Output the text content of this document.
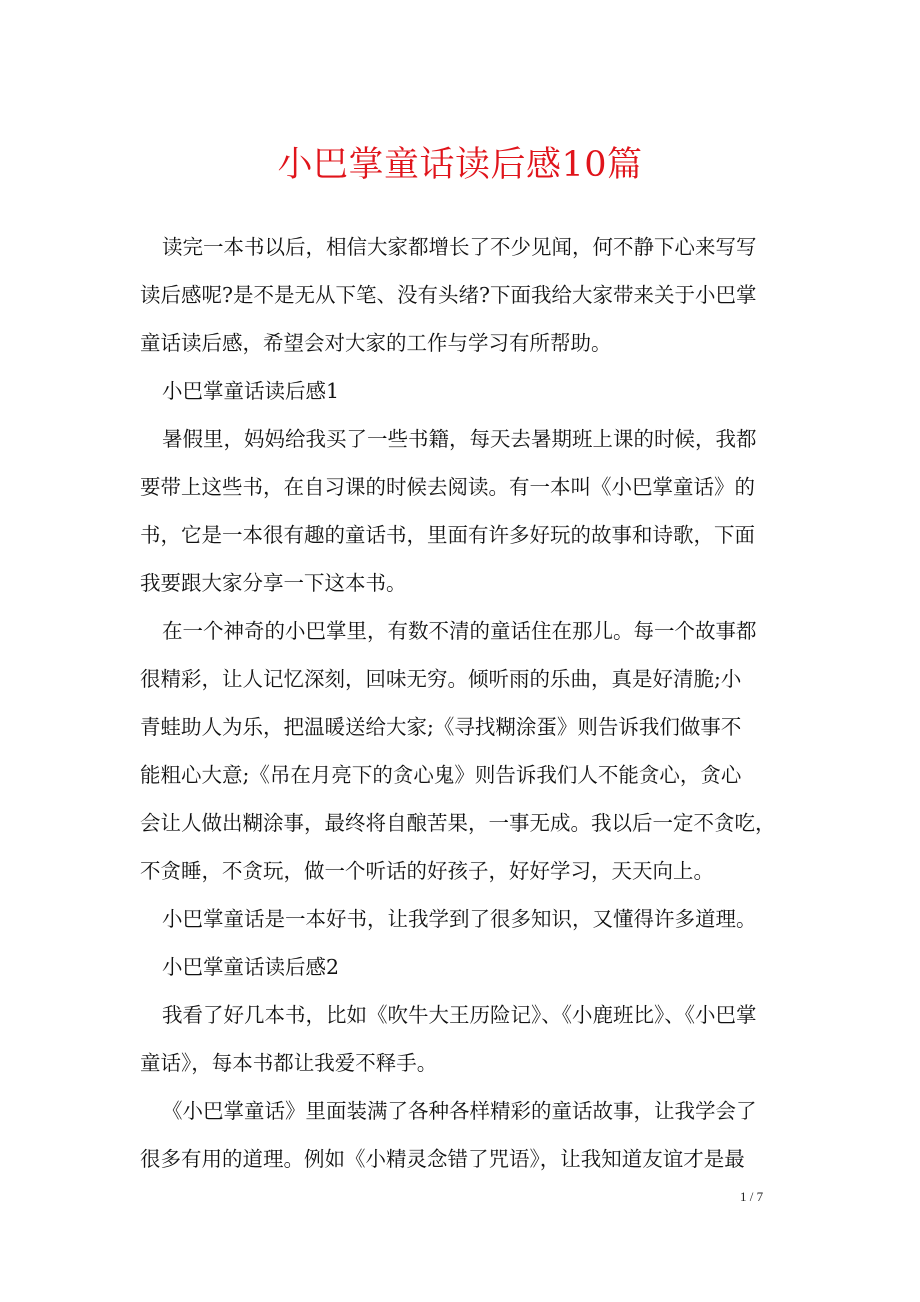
小巴掌童话读后感10篇
读完一本书以后，相信大家都增长了不少见闻，何不静下心来写写
读后感呢?是不是无从下笔、没有头绪?下面我给大家带来关于小巴掌
童话读后感，希望会对大家的工作与学习有所帮助。
小巴掌童话读后感1
暑假里，妈妈给我买了一些书籍，每天去暑期班上课的时候，我都
要带上这些书，在自习课的时候去阅读。有一本叫《小巴掌童话》的
书，它是一本很有趣的童话书，里面有许多好玩的故事和诗歌，下面
我要跟大家分享一下这本书。
在一个神奇的小巴掌里，有数不清的童话住在那儿。每一个故事都
很精彩，让人记忆深刻，回味无穷。倾听雨的乐曲，真是好清脆;小
青蛙助人为乐，把温暖送给大家;《寻找糊涂蛋》则告诉我们做事不
能粗心大意;《吊在月亮下的贪心鬼》则告诉我们人不能贪心，贪心
会让人做出糊涂事，最终将自酿苦果，一事无成。我以后一定不贪吃，
不贪睡，不贪玩，做一个听话的好孩子，好好学习，天天向上。
小巴掌童话是一本好书，让我学到了很多知识，又懂得许多道理。
小巴掌童话读后感2
我看了好几本书，比如《吹牛大王历险记》、《小鹿班比》、《小巴掌
童话》，每本书都让我爱不释手。
《小巴掌童话》里面装满了各种各样精彩的童话故事，让我学会了
很多有用的道理。例如《小精灵念错了咒语》，让我知道友谊才是最
1 / 7
